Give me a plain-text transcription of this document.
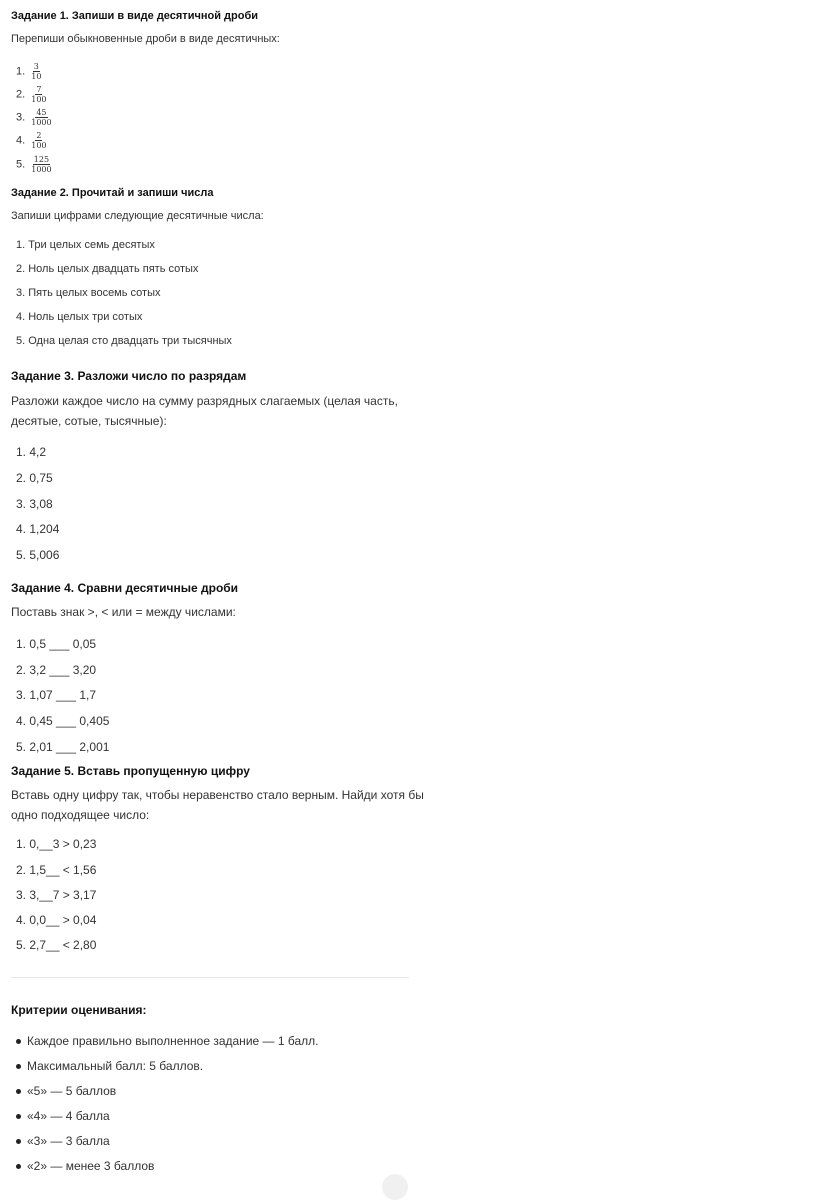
Задание 1. Запиши в виде десятичной дроби
Перепиши обыкновенные дроби в виде десятичных:
1. $\frac{3}{10}$
2. $\frac{7}{100}$
3. $\frac{45}{1000}$
4. $\frac{2}{100}$
5. $\frac{125}{1000}$
Задание 2. Прочитай и запиши числа
Запиши цифрами следующие десятичные числа:
1. Три целых семь десятых
2. Ноль целых двадцать пять сотых
3. Пять целых восемь сотых
4. Ноль целых три сотых
5. Одна целая сто двадцать три тысячных
Задание 3. Разложи число по разрядам
Разложи каждое число на сумму разрядных слагаемых (целая часть,
десятые, сотые, тысячные):
1. 4,2
2. 0,75
3. 3,08
4. 1,204
5. 5,006
Задание 4. Сравни десятичные дроби
Поставь знак >, < или = между числами:
1. 0,5 ___ 0,05
2. 3,2 ___ 3,20
3. 1,07 ___ 1,7
4. 0,45 ___ 0,405
5. 2,01 ___ 2,001
Задание 5. Вставь пропущенную цифру
Вставь одну цифру так, чтобы неравенство стало верным. Найди хотя бы
одно подходящее число:
1. 0,__3 > 0,23
2. 1,5__ < 1,56
3. 3,__7 > 3,17
4. 0,0__ > 0,04
5. 2,7__ < 2,80
Критерии оценивания:
Каждое правильно выполненное задание — 1 балл.
Максимальный балл: 5 баллов.
«5» — 5 баллов
«4» — 4 балла
«3» — 3 балла
«2» — менее 3 баллов
